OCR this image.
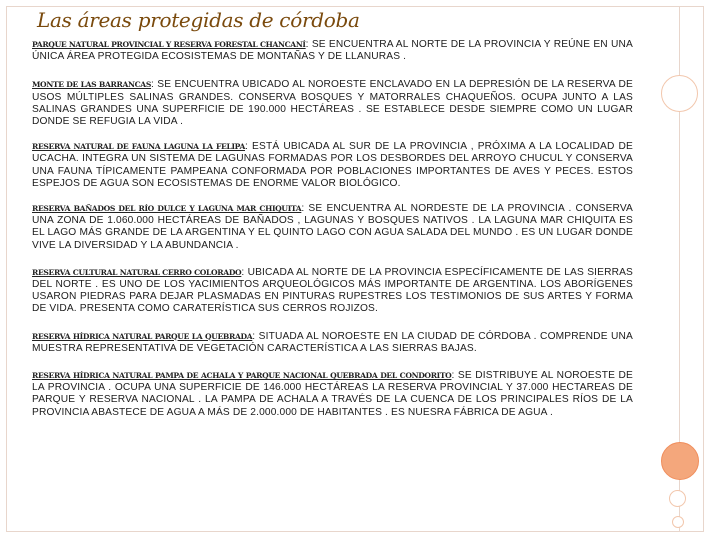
Las áreas protegidas de córdoba

PARQUE NATURAL PROVINCIAL Y RESERVA FORESTAL CHANCANÍ: SE ENCUENTRA AL NORTE DE LA PROVINCIA Y REÚNE EN UNA ÚNICA ÁREA PROTEGIDA ECOSISTEMAS DE MONTAÑAS Y DE LLANURAS .

MONTE DE LAS BARRANCAS: SE ENCUENTRA UBICADO AL NOROESTE ENCLAVADO EN LA DEPRESIÓN DE LA RESERVA DE USOS MÚLTIPLES SALINAS GRANDES. CONSERVA BOSQUES Y MATORRALES CHAQUEÑOS. OCUPA JUNTO A LAS SALINAS GRANDES UNA SUPERFICIE DE 190.000 HECTÁREAS . SE ESTABLECE DESDE SIEMPRE COMO UN LUGAR DONDE SE REFUGIA LA VIDA .

RESERVA NATURAL DE FAUNA LAGUNA LA FELIPA: ESTÁ UBICADA AL SUR DE LA PROVINCIA , PRÓXIMA A LA LOCALIDAD DE UCACHA. INTEGRA UN SISTEMA DE LAGUNAS FORMADAS POR LOS DESBORDES DEL ARROYO CHUCUL Y CONSERVA UNA FAUNA TÍPICAMENTE PAMPEANA CONFORMADA POR POBLACIONES IMPORTANTES DE AVES Y PECES. ESTOS ESPEJOS DE AGUA SON ECOSISTEMAS DE ENORME VALOR BIOLÓGICO.

RESERVA BAÑADOS DEL RÍO DULCE Y LAGUNA MAR CHIQUITA: SE ENCUENTRA AL NORDESTE DE LA PROVINCIA . CONSERVA UNA ZONA DE 1.060.000 HECTÁREAS DE BAÑADOS , LAGUNAS Y BOSQUES NATIVOS . LA LAGUNA MAR CHIQUITA ES EL LAGO MÁS GRANDE DE LA ARGENTINA Y EL QUINTO LAGO CON AGUA SALADA DEL MUNDO . ES UN LUGAR DONDE VIVE LA DIVERSIDAD Y LA ABUNDANCIA .

RESERVA CULTURAL NATURAL CERRO COLORADO: UBICADA AL NORTE DE LA PROVINCIA ESPECÍFICAMENTE DE LAS SIERRAS DEL NORTE . ES UNO DE LOS YACIMIENTOS ARQUEOLÓGICOS MÁS IMPORTANTE DE ARGENTINA. LOS ABORÍGENES USARON PIEDRAS PARA DEJAR PLASMADAS EN PINTURAS RUPESTRES LOS TESTIMONIOS DE SUS ARTES Y FORMA DE VIDA. PRESENTA COMO CARATERÍSTICA SUS CERROS ROJIZOS.

RESERVA HÍDRICA NATURAL PARQUE LA QUEBRADA: SITUADA AL NOROESTE EN LA CIUDAD DE CÓRDOBA . COMPRENDE UNA MUESTRA REPRESENTATIVA DE VEGETACIÓN CARACTERÍSTICA A LAS SIERRAS BAJAS.

RESERVA HÍDRICA NATURAL PAMPA DE ACHALA Y PARQUE NACIONAL QUEBRADA DEL CONDORITO: SE DISTRIBUYE AL NOROESTE DE LA PROVINCIA . OCUPA UNA SUPERFICIE DE 146.000 HECTÁREAS LA RESERVA PROVINCIAL Y 37.000 HECTAREAS DE PARQUE Y RESERVA NACIONAL . LA PAMPA DE ACHALA A TRAVÉS DE LA CUENCA DE LOS PRINCIPALES RÍOS DE LA PROVINCIA ABASTECE DE AGUA A MÁS DE 2.000.000 DE HABITANTES . ES NUESRA FÁBRICA DE AGUA .
